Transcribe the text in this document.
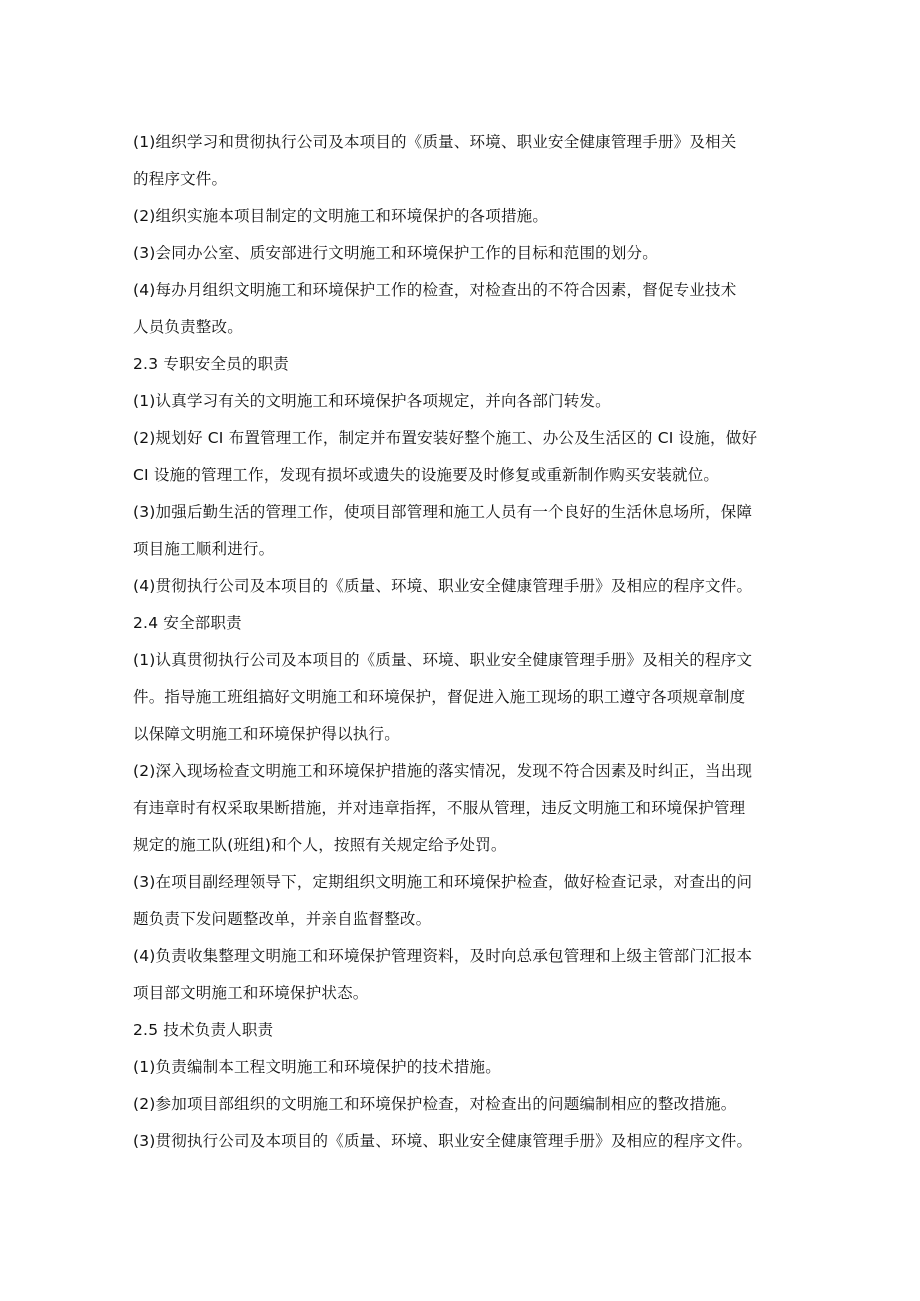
(1)组织学习和贯彻执行公司及本项目的《质量、环境、职业安全健康管理手册》及相关

的程序文件。

(2)组织实施本项目制定的文明施工和环境保护的各项措施。

(3)会同办公室、质安部进行文明施工和环境保护工作的目标和范围的划分。

(4)每办月组织文明施工和环境保护工作的检查，对检查出的不符合因素，督促专业技术

人员负责整改。

2.3 专职安全员的职责

(1)认真学习有关的文明施工和环境保护各项规定，并向各部门转发。

(2)规划好 CI 布置管理工作，制定并布置安装好整个施工、办公及生活区的 CI 设施，做好

CI 设施的管理工作，发现有损坏或遗失的设施要及时修复或重新制作购买安装就位。

(3)加强后勤生活的管理工作，使项目部管理和施工人员有一个良好的生活休息场所，保障

项目施工顺利进行。

(4)贯彻执行公司及本项目的《质量、环境、职业安全健康管理手册》及相应的程序文件。

2.4 安全部职责

(1)认真贯彻执行公司及本项目的《质量、环境、职业安全健康管理手册》及相关的程序文

件。指导施工班组搞好文明施工和环境保护，督促进入施工现场的职工遵守各项规章制度

以保障文明施工和环境保护得以执行。

(2)深入现场检查文明施工和环境保护措施的落实情况，发现不符合因素及时纠正，当出现

有违章时有权采取果断措施，并对违章指挥，不服从管理，违反文明施工和环境保护管理

规定的施工队(班组)和个人，按照有关规定给予处罚。

(3)在项目副经理领导下，定期组织文明施工和环境保护检查，做好检查记录，对查出的问

题负责下发问题整改单，并亲自监督整改。

(4)负责收集整理文明施工和环境保护管理资料，及时向总承包管理和上级主管部门汇报本

项目部文明施工和环境保护状态。

2.5 技术负责人职责

(1)负责编制本工程文明施工和环境保护的技术措施。

(2)参加项目部组织的文明施工和环境保护检查，对检查出的问题编制相应的整改措施。

(3)贯彻执行公司及本项目的《质量、环境、职业安全健康管理手册》及相应的程序文件。
